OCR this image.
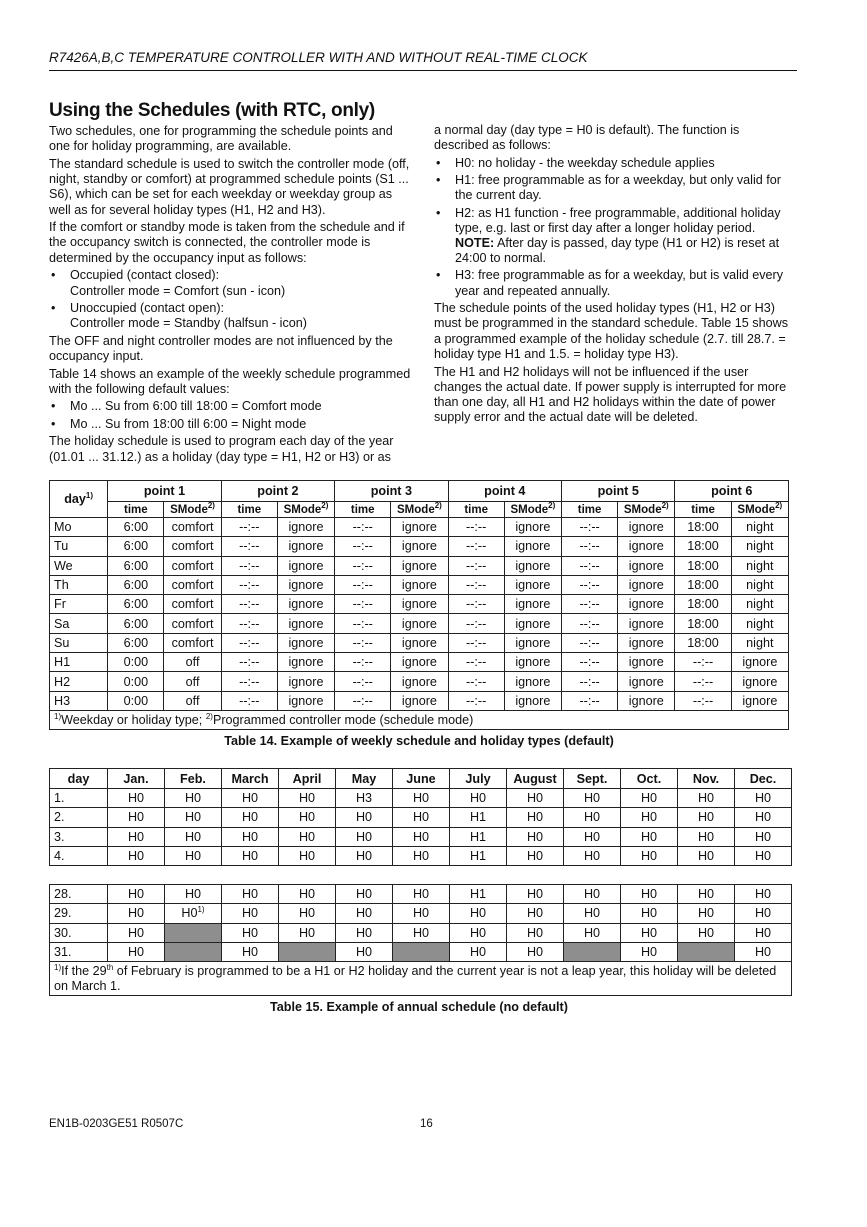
R7426A,B,C TEMPERATURE CONTROLLER WITH AND WITHOUT REAL-TIME CLOCK
Using the Schedules (with RTC, only)

Two schedules, one for programming the schedule points and one for holiday programming, are available.

The standard schedule is used to switch the controller mode (off, night, standby or comfort) at programmed schedule points (S1 ... S6), which can be set for each weekday or weekday group as well as for several holiday types (H1, H2 and H3).

If the comfort or standby mode is taken from the schedule and if the occupancy switch is connected, the controller mode is determined by the occupancy input as follows:

• Occupied (contact closed):
Controller mode = Comfort (sun - icon)
• Unoccupied (contact open):
Controller mode = Standby (halfsun - icon)

The OFF and night controller modes are not influenced by the occupancy input.

Table 14 shows an example of the weekly schedule programmed with the following default values:

• Mo ... Su from 6:00 till 18:00 = Comfort mode
• Mo ... Su from 18:00 till 6:00 = Night mode

The holiday schedule is used to program each day of the year (01.01 ... 31.12.) as a holiday (day type = H1, H2 or H3) or as

a normal day (day type = H0 is default). The function is described as follows:

• H0: no holiday - the weekday schedule applies
• H1: free programmable as for a weekday, but only valid for the current day.
• H2: as H1 function - free programmable, additional holiday type, e.g. last or first day after a longer holiday period.
NOTE: After day is passed, day type (H1 or H2) is reset at 24:00 to normal.
• H3: free programmable as for a weekday, but is valid every year and repeated annually.

The schedule points of the used holiday types (H1, H2 or H3) must be programmed in the standard schedule. Table 15 shows a programmed example of the holiday schedule (2.7. till 28.7. = holiday type H1 and 1.5. = holiday type H3).

The H1 and H2 holidays will not be influenced if the user changes the actual date. If power supply is interrupted for more than one day, all H1 and H2 holidays within the date of power supply error and the actual date will be deleted.

day$^{1)}$	point 1		point 2		point 3		point 4		point 5		point 6	
	time	SMode$^{2)}$	time	SMode$^{2)}$	time	SMode$^{2)}$	time	SMode$^{2)}$	time	SMode$^{2)}$	time	SMode$^{2)}$
Mo	6:00	comfort	--:--	ignore	--:--	ignore	--:--	ignore	--:--	ignore	18:00	night
Tu	6:00	comfort	--:--	ignore	--:--	ignore	--:--	ignore	--:--	ignore	18:00	night
We	6:00	comfort	--:--	ignore	--:--	ignore	--:--	ignore	--:--	ignore	18:00	night
Th	6:00	comfort	--:--	ignore	--:--	ignore	--:--	ignore	--:--	ignore	18:00	night
Fr	6:00	comfort	--:--	ignore	--:--	ignore	--:--	ignore	--:--	ignore	18:00	night
Sa	6:00	comfort	--:--	ignore	--:--	ignore	--:--	ignore	--:--	ignore	18:00	night
Su	6:00	comfort	--:--	ignore	--:--	ignore	--:--	ignore	--:--	ignore	18:00	night
H1	0:00	off	--:--	ignore	--:--	ignore	--:--	ignore	--:--	ignore	--:--	ignore
H2	0:00	off	--:--	ignore	--:--	ignore	--:--	ignore	--:--	ignore	--:--	ignore
H3	0:00	off	--:--	ignore	--:--	ignore	--:--	ignore	--:--	ignore	--:--	ignore
$^{1)}$Weekday or holiday type; $^{2)}$Programmed controller mode (schedule mode)												
Table 14. Example of weekly schedule and holiday types (default)
day	Jan.	Feb.	March	April	May	June	July	August	Sept.	Oct.	Nov.	Dec.
1.	H0	H0	H0	H0	H3	H0	H0	H0	H0	H0	H0	H0
2.	H0	H0	H0	H0	H0	H0	H1	H0	H0	H0	H0	H0
3.	H0	H0	H0	H0	H0	H0	H1	H0	H0	H0	H0	H0
4.	H0	H0	H0	H0	H0	H0	H1	H0	H0	H0	H0	H0
28.	H0	H0	H0	H0	H0	H0	H1	H0	H0	H0	H0	H0
29.	H0	H0$^{1)}$	H0	H0	H0	H0	H0	H0	H0	H0	H0	H0
30.	H0		H0	H0	H0	H0	H0	H0	H0	H0	H0	H0
31.	H0		H0		H0		H0	H0		H0		H0
$^{1)}$If the 29th of February is programmed to be a H1 or H2 holiday and the current year is not a leap year, this holiday will be deleted on March 1.												
Table 15. Example of annual schedule (no default)
EN1B-0203GE51 R0507C	16
